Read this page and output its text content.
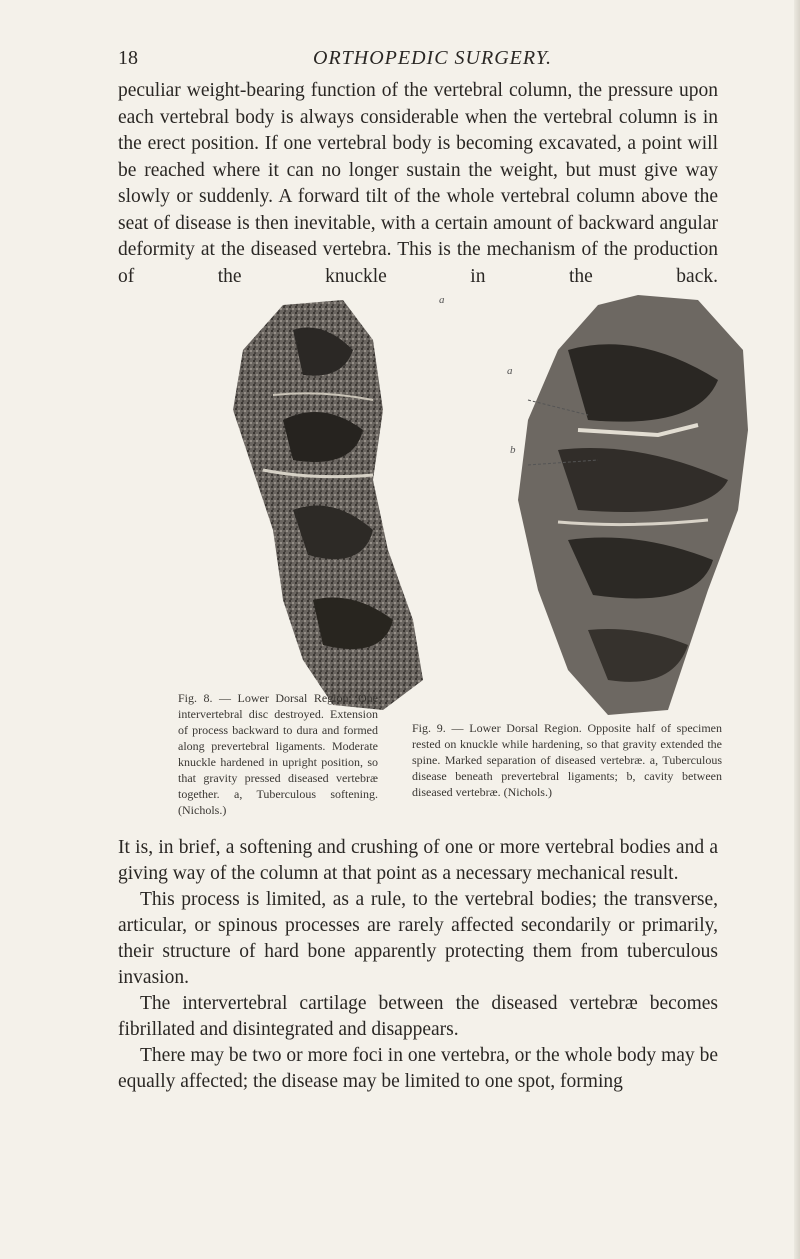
18	ORTHOPEDIC SURGERY.
peculiar weight-bearing function of the vertebral column, the pressure upon each vertebral body is always considerable when the vertebral column is in the erect position. If one vertebral body is becoming excavated, a point will be reached where it can no longer sustain the weight, but must give way slowly or suddenly. A forward tilt of the whole vertebral column above the seat of disease is then inevitable, with a certain amount of backward angular deformity at the diseased vertebra. This is the mechanism of the production of the knuckle in the back.
a
a
b
Fig. 8. — Lower Dorsal Region. One intervertebral disc destroyed. Extension of process backward to dura and formed along prevertebral ligaments. Moderate knuckle hardened in upright position, so that gravity pressed diseased vertebræ together. a, Tuberculous softening. (Nichols.)
Fig. 9. — Lower Dorsal Region. Opposite half of specimen rested on knuckle while hardening, so that gravity extended the spine. Marked separation of diseased vertebræ. a, Tuberculous disease beneath prevertebral ligaments; b, cavity between diseased vertebræ. (Nichols.)

It is, in brief, a softening and crushing of one or more vertebral bodies and a giving way of the column at that point as a necessary mechanical result.

This process is limited, as a rule, to the vertebral bodies; the transverse, articular, or spinous processes are rarely affected secondarily or primarily, their structure of hard bone apparently protecting them from tuberculous invasion.

The intervertebral cartilage between the diseased vertebræ becomes fibrillated and disintegrated and disappears.

There may be two or more foci in one vertebra, or the whole body may be equally affected; the disease may be limited to one spot, forming
